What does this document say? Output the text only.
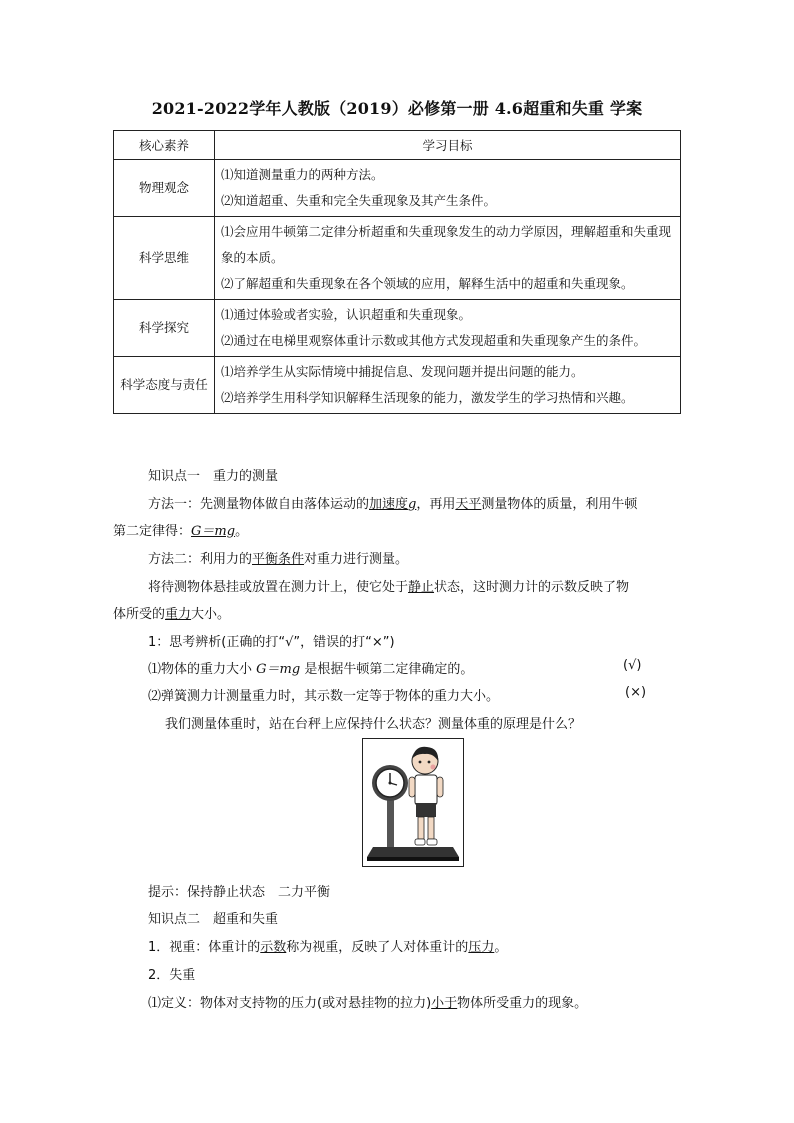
2021-2022学年人教版（2019）必修第一册 4.6超重和失重 学案
核心素养	学习目标
物理观念	⑴知道测量重力的两种方法。

⑵知道超重、失重和完全失重现象及其产生条件。

科学思维	⑴会应用牛顿第二定律分析超重和失重现象发生的动力学原因，理解超重和失重现象的本质。

⑵了解超重和失重现象在各个领域的应用，解释生活中的超重和失重现象。

科学探究	⑴通过体验或者实验，认识超重和失重现象。

⑵通过在电梯里观察体重计示数或其他方式发现超重和失重现象产生的条件。

科学态度与责任	⑴培养学生从实际情境中捕捉信息、发现问题并提出问题的能力。

⑵培养学生用科学知识解释生活现象的能力，激发学生的学习热情和兴趣。

知识点一　重力的测量
方法一：先测量物体做自由落体运动的加速度g，再用天平测量物体的质量，利用牛顿
第二定律得：G＝mg。
方法二：利用力的平衡条件对重力进行测量。
将待测物体悬挂或放置在测力计上，使它处于静止状态，这时测力计的示数反映了物
体所受的重力大小。
1：思考辨析(正确的打“√”，错误的打“×”)
⑴物体的重力大小 G＝mg 是根据牛顿第二定律确定的。	(√)
⑵弹簧测力计测量重力时，其示数一定等于物体的重力大小。	(×)
我们测量体重时，站在台秤上应保持什么状态？测量体重的原理是什么？
提示：保持静止状态　二力平衡
知识点二　超重和失重
1．视重：体重计的示数称为视重，反映了人对体重计的压力。
2．失重
⑴定义：物体对支持物的压力(或对悬挂物的拉力)小于物体所受重力的现象。
